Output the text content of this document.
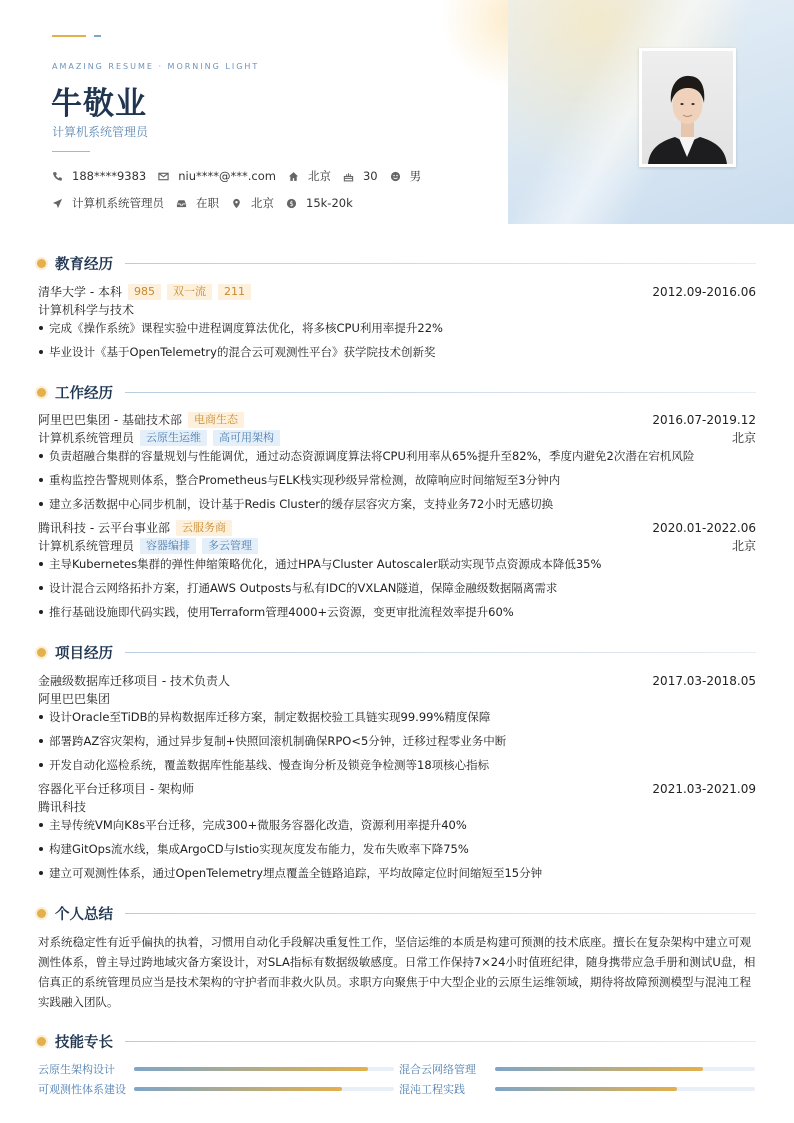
AMAZING RESUME · MORNING LIGHT
牛敬业
计算机系统管理员
188****9383	niu****@***.com	北京	30	男
计算机系统管理员	在职	北京 $ 15k-20k
教育经历
清华大学 - 本科	985	双一流	211	2012.09-2016.06
计算机科学与技术
完成《操作系统》课程实验中进程调度算法优化，将多核CPU利用率提升22%
毕业设计《基于OpenTelemetry的混合云可观测性平台》获学院技术创新奖
工作经历
阿里巴巴集团 - 基础技术部	电商生态	2016.07-2019.12
计算机系统管理员	云原生运维	高可用架构	北京
负责超融合集群的容量规划与性能调优，通过动态资源调度算法将CPU利用率从65%提升至82%，季度内避免2次潜在宕机风险
重构监控告警规则体系，整合Prometheus与ELK栈实现秒级异常检测，故障响应时间缩短至3分钟内
建立多活数据中心同步机制，设计基于Redis Cluster的缓存层容灾方案，支持业务72小时无感切换
腾讯科技 - 云平台事业部	云服务商	2020.01-2022.06
计算机系统管理员	容器编排	多云管理	北京
主导Kubernetes集群的弹性伸缩策略优化，通过HPA与Cluster Autoscaler联动实现节点资源成本降低35%
设计混合云网络拓扑方案，打通AWS Outposts与私有IDC的VXLAN隧道，保障金融级数据隔离需求
推行基础设施即代码实践，使用Terraform管理4000+云资源，变更审批流程效率提升60%
项目经历
金融级数据库迁移项目 - 技术负责人	2017.03-2018.05
阿里巴巴集团
设计Oracle至TiDB的异构数据库迁移方案，制定数据校验工具链实现99.99%精度保障
部署跨AZ容灾架构，通过异步复制+快照回滚机制确保RPO<5分钟，迁移过程零业务中断
开发自动化巡检系统，覆盖数据库性能基线、慢查询分析及锁竞争检测等18项核心指标
容器化平台迁移项目 - 架构师	2021.03-2021.09
腾讯科技
主导传统VM向K8s平台迁移，完成300+微服务容器化改造，资源利用率提升40%
构建GitOps流水线，集成ArgoCD与Istio实现灰度发布能力，发布失败率下降75%
建立可观测性体系，通过OpenTelemetry埋点覆盖全链路追踪，平均故障定位时间缩短至15分钟
个人总结

对系统稳定性有近乎偏执的执着，习惯用自动化手段解决重复性工作，坚信运维的本质是构建可预测的技术底座。擅长在复杂架构中建立可观测性体系，曾主导过跨地域灾备方案设计，对SLA指标有数据级敏感度。日常工作保持7×24小时值班纪律，随身携带应急手册和测试U盘，相信真正的系统管理员应当是技术架构的守护者而非救火队员。求职方向聚焦于中大型企业的云原生运维领域，期待将故障预测模型与混沌工程实践融入团队。

技能专长
云原生架构设计	混合云网络管理
可观测性体系建设	混沌工程实践
